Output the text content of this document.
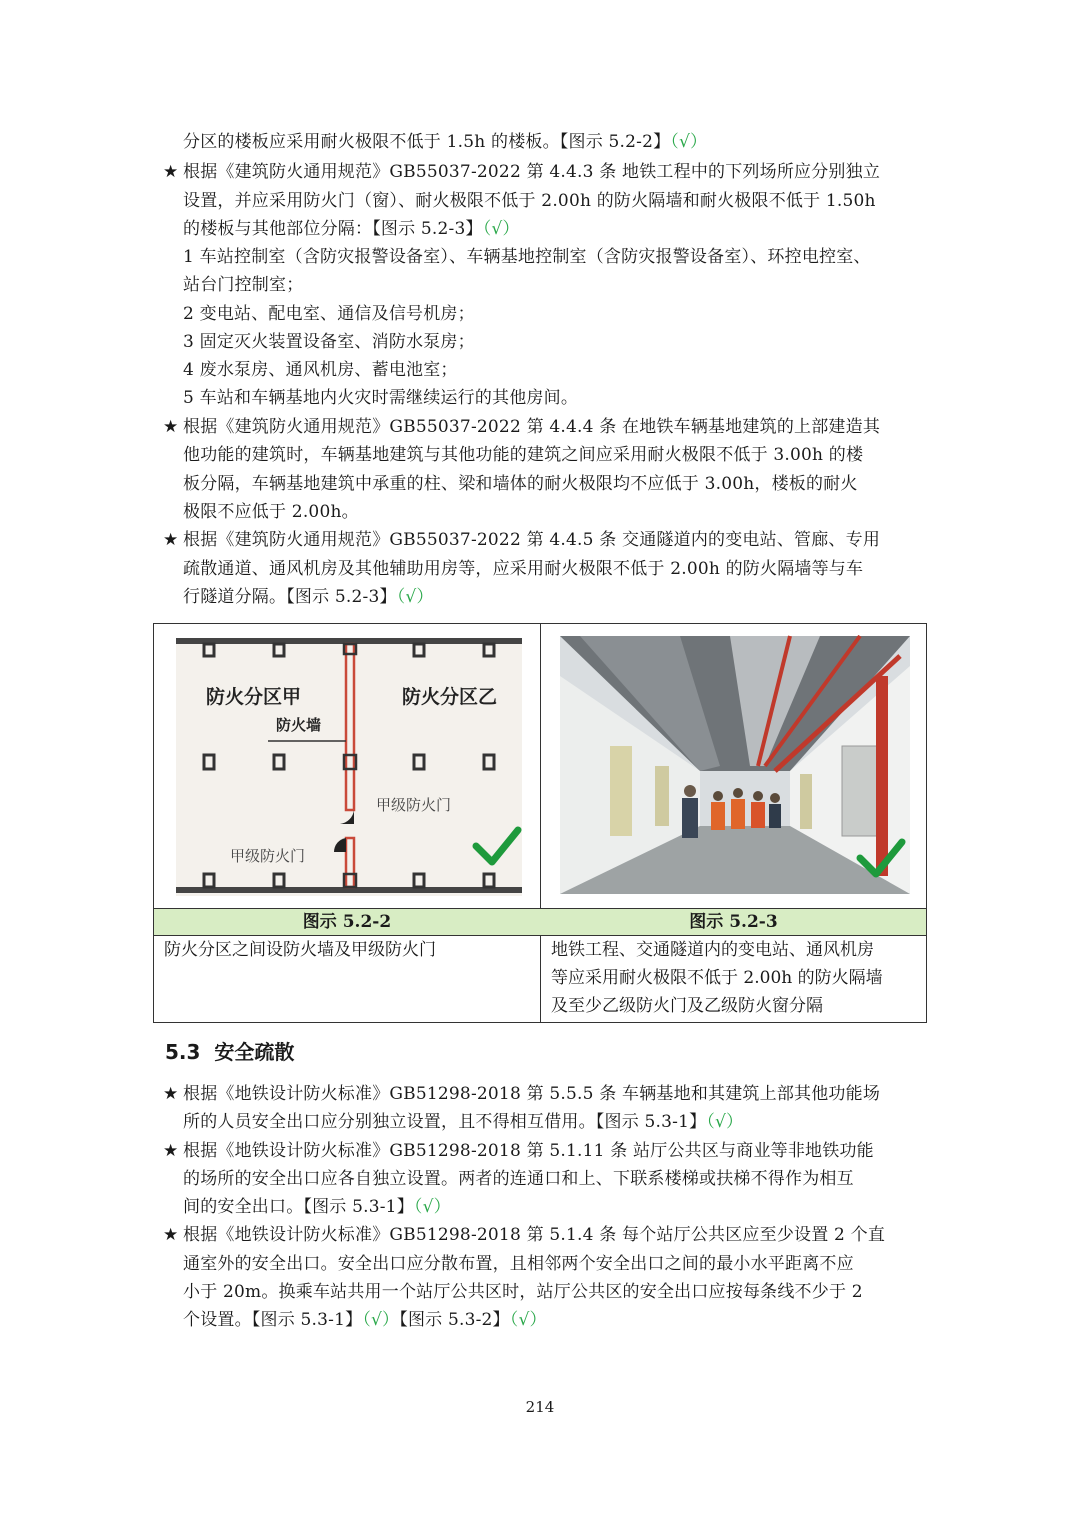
分区的楼板应采用耐火极限不低于 1.5h 的楼板。【图示 5.2-2】（√）
★ 根据《建筑防火通用规范》GB55037-2022 第 4.4.3 条 地铁工程中的下列场所应分别独立
设置，并应采用防火门（窗）、耐火极限不低于 2.00h 的防火隔墙和耐火极限不低于 1.50h
的楼板与其他部位分隔：【图示 5.2-3】（√）
1 车站控制室（含防灾报警设备室）、车辆基地控制室（含防灾报警设备室）、环控电控室、
站台门控制室；
2 变电站、配电室、通信及信号机房；
3 固定灭火装置设备室、消防水泵房；
4 废水泵房、通风机房、蓄电池室；
5 车站和车辆基地内火灾时需继续运行的其他房间。
★ 根据《建筑防火通用规范》GB55037-2022 第 4.4.4 条 在地铁车辆基地建筑的上部建造其
他功能的建筑时，车辆基地建筑与其他功能的建筑之间应采用耐火极限不低于 3.00h 的楼
板分隔，车辆基地建筑中承重的柱、梁和墙体的耐火极限均不应低于 3.00h，楼板的耐火
极限不应低于 2.00h。
★ 根据《建筑防火通用规范》GB55037-2022 第 4.4.5 条 交通隧道内的变电站、管廊、专用
疏散通道、通风机房及其他辅助用房等，应采用耐火极限不低于 2.00h 的防火隔墙等与车
行隧道分隔。【图示 5.2-3】（√）
防火分区甲	防火分区乙
防火墙
甲级防火门
甲级防火门
图示 5.2-2	图示 5.2-3
防火分区之间设防火墙及甲级防火门	地铁工程、交通隧道内的变电站、通风机房
等应采用耐火极限不低于 2.00h 的防火隔墙
及至少乙级防火门及乙级防火窗分隔
5.3 安全疏散
★ 根据《地铁设计防火标准》GB51298-2018 第 5.5.5 条 车辆基地和其建筑上部其他功能场
所的人员安全出口应分别独立设置，且不得相互借用。【图示 5.3-1】（√）
★ 根据《地铁设计防火标准》GB51298-2018 第 5.1.11 条 站厅公共区与商业等非地铁功能
的场所的安全出口应各自独立设置。两者的连通口和上、下联系楼梯或扶梯不得作为相互
间的安全出口。【图示 5.3-1】（√）
★ 根据《地铁设计防火标准》GB51298-2018 第 5.1.4 条 每个站厅公共区应至少设置 2 个直
通室外的安全出口。安全出口应分散布置，且相邻两个安全出口之间的最小水平距离不应
小于 20m。换乘车站共用一个站厅公共区时，站厅公共区的安全出口应按每条线不少于 2
个设置。【图示 5.3-1】（√）【图示 5.3-2】（√）
214
